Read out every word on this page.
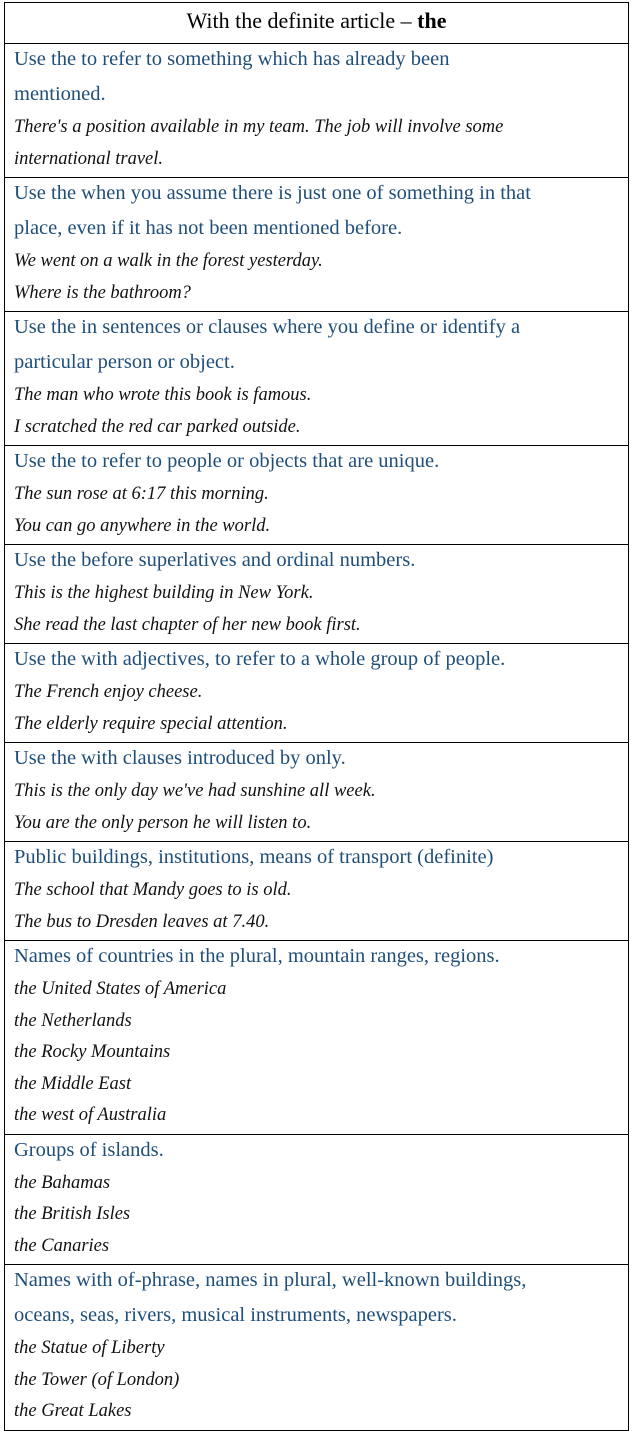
With the definite article – the

Use the to refer to something which has already been
mentioned.
There's a position available in my team. The job will involve some
international travel.

Use the when you assume there is just one of something in that
place, even if it has not been mentioned before.
We went on a walk in the forest yesterday.
Where is the bathroom?

Use the in sentences or clauses where you define or identify a
particular person or object.
The man who wrote this book is famous.
I scratched the red car parked outside.

Use the to refer to people or objects that are unique.
The sun rose at 6:17 this morning.
You can go anywhere in the world.

Use the before superlatives and ordinal numbers.
This is the highest building in New York.
She read the last chapter of her new book first.

Use the with adjectives, to refer to a whole group of people.
The French enjoy cheese.
The elderly require special attention.

Use the with clauses introduced by only.
This is the only day we've had sunshine all week.
You are the only person he will listen to.

Public buildings, institutions, means of transport (definite)
The school that Mandy goes to is old.
The bus to Dresden leaves at 7.40.

Names of countries in the plural, mountain ranges, regions.
the United States of America
the Netherlands
the Rocky Mountains
the Middle East
the west of Australia

Groups of islands.
the Bahamas
the British Isles
the Canaries

Names with of-phrase, names in plural, well-known buildings,
oceans, seas, rivers, musical instruments, newspapers.
the Statue of Liberty
the Tower (of London)
the Great Lakes
